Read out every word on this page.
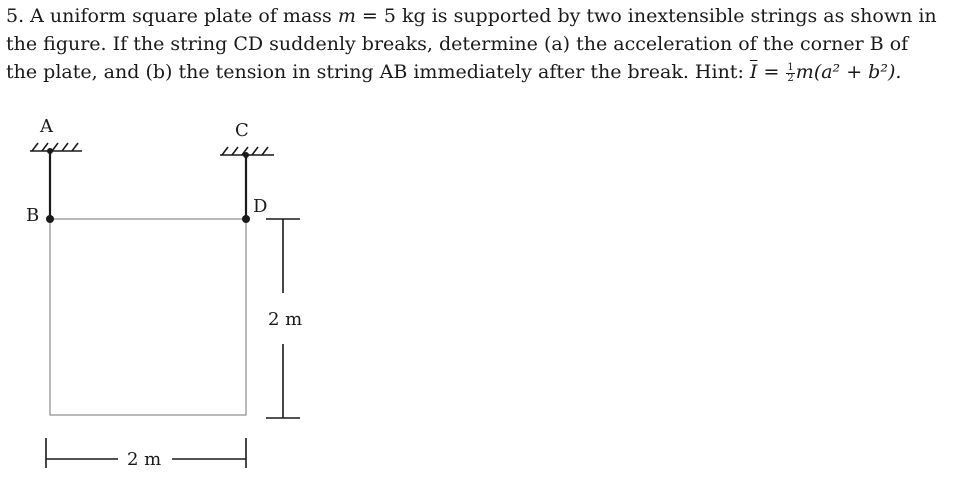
5. A uniform square plate of mass m = 5 kg is supported by two inextensible strings as shown in

the figure. If the string CD suddenly breaks, determine (a) the acceleration of the corner B of

the plate, and (b) the tension in string AB immediately after the break. Hint: $\overline{I} = \frac{1}{2} m(a^2 + b^2)$.

A	C
B	D
2 m
2 m
